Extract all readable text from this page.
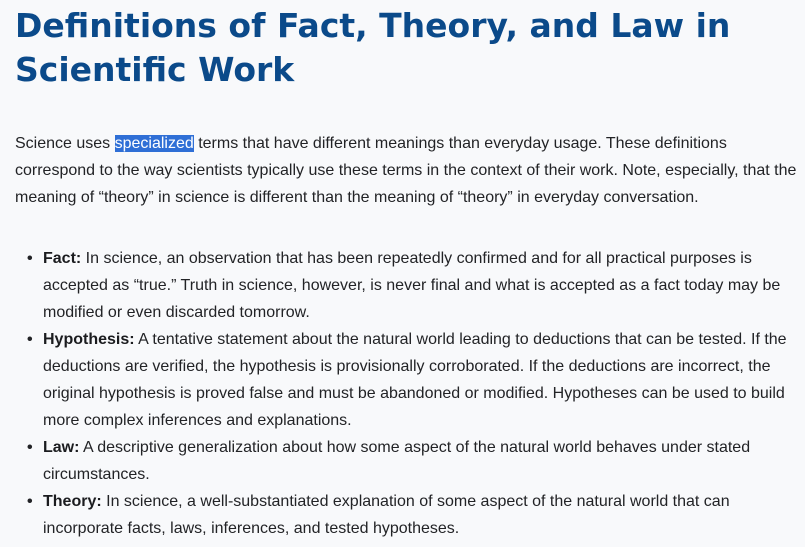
Definitions of Fact, Theory, and Law in Scientific Work

Science uses specialized terms that have different meanings than everyday usage. These definitions correspond to the way scientists typically use these terms in the context of their work. Note, especially, that the meaning of “theory” in science is different than the meaning of “theory” in everyday conversation.

• Fact: In science, an observation that has been repeatedly confirmed and for all practical purposes is accepted as “true.” Truth in science, however, is never final and what is accepted as a fact today may be modified or even discarded tomorrow.
• Hypothesis: A tentative statement about the natural world leading to deductions that can be tested. If the deductions are verified, the hypothesis is provisionally corroborated. If the deductions are incorrect, the original hypothesis is proved false and must be abandoned or modified. Hypotheses can be used to build more complex inferences and explanations.
• Law: A descriptive generalization about how some aspect of the natural world behaves under stated circumstances.
• Theory: In science, a well-substantiated explanation of some aspect of the natural world that can incorporate facts, laws, inferences, and tested hypotheses.
